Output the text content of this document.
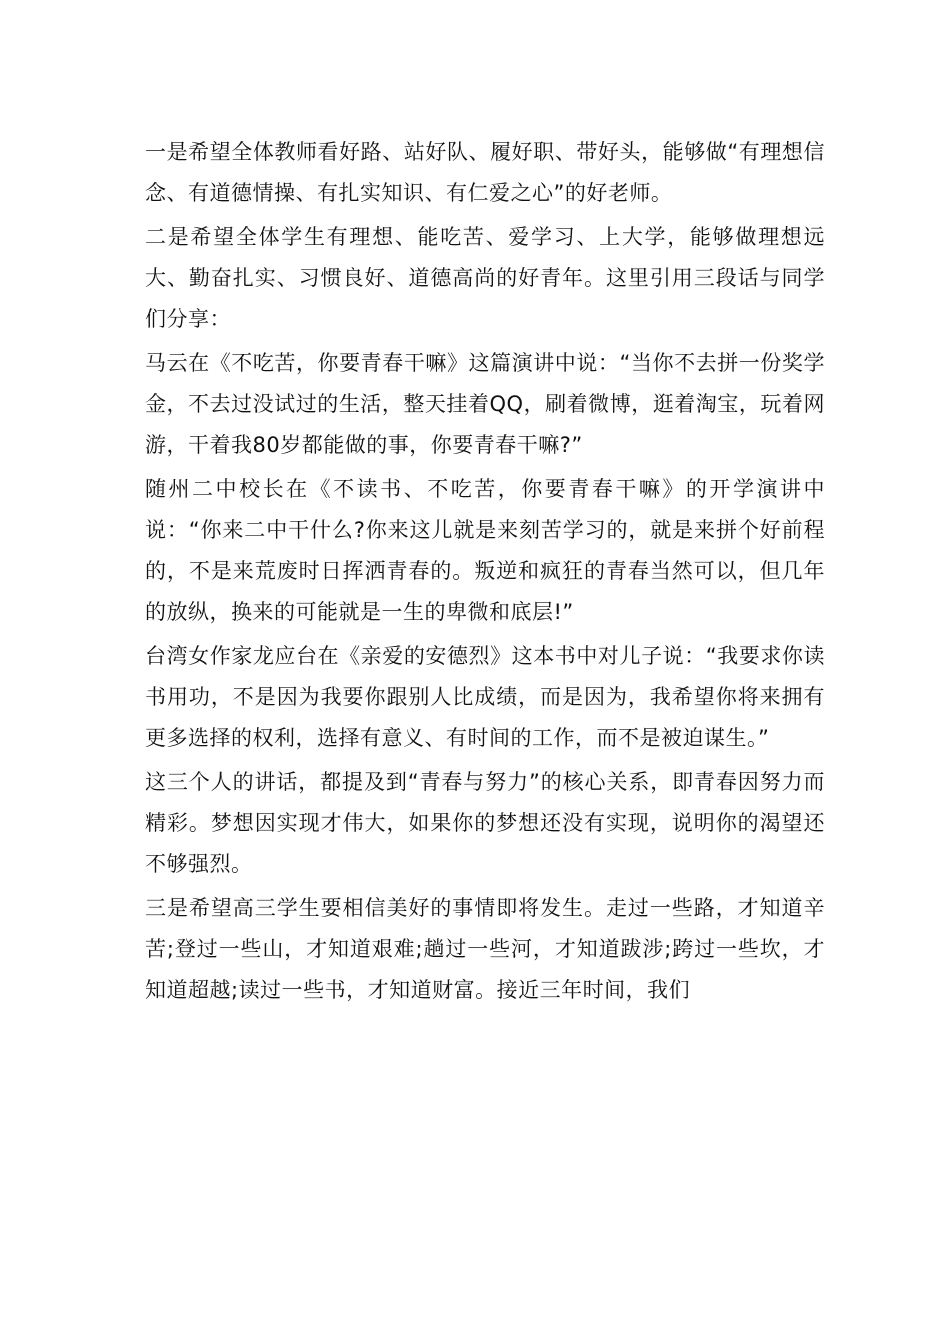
一是希望全体教师看好路、站好队、履好职、带好头，能够做“有理想信念、有道德情操、有扎实知识、有仁爱之心”的好老师。

二是希望全体学生有理想、能吃苦、爱学习、上大学，能够做理想远大、勤奋扎实、习惯良好、道德高尚的好青年。这里引用三段话与同学们分享：

马云在《不吃苦，你要青春干嘛》这篇演讲中说：“当你不去拼一份奖学金，不去过没试过的生活，整天挂着QQ，刷着微博，逛着淘宝，玩着网游，干着我80岁都能做的事，你要青春干嘛?”

随州二中校长在《不读书、不吃苦，你要青春干嘛》的开学演讲中说：“你来二中干什么?你来这儿就是来刻苦学习的，就是来拼个好前程的，不是来荒废时日挥洒青春的。叛逆和疯狂的青春当然可以，但几年的放纵，换来的可能就是一生的卑微和底层!”

台湾女作家龙应台在《亲爱的安德烈》这本书中对儿子说：“我要求你读书用功，不是因为我要你跟别人比成绩，而是因为，我希望你将来拥有更多选择的权利，选择有意义、有时间的工作，而不是被迫谋生。”

这三个人的讲话，都提及到“青春与努力”的核心关系，即青春因努力而精彩。梦想因实现才伟大，如果你的梦想还没有实现，说明你的渴望还不够强烈。

三是希望高三学生要相信美好的事情即将发生。走过一些路，才知道辛苦;登过一些山，才知道艰难;趟过一些河，才知道跋涉;跨过一些坎，才知道超越;读过一些书，才知道财富。接近三年时间，我们
